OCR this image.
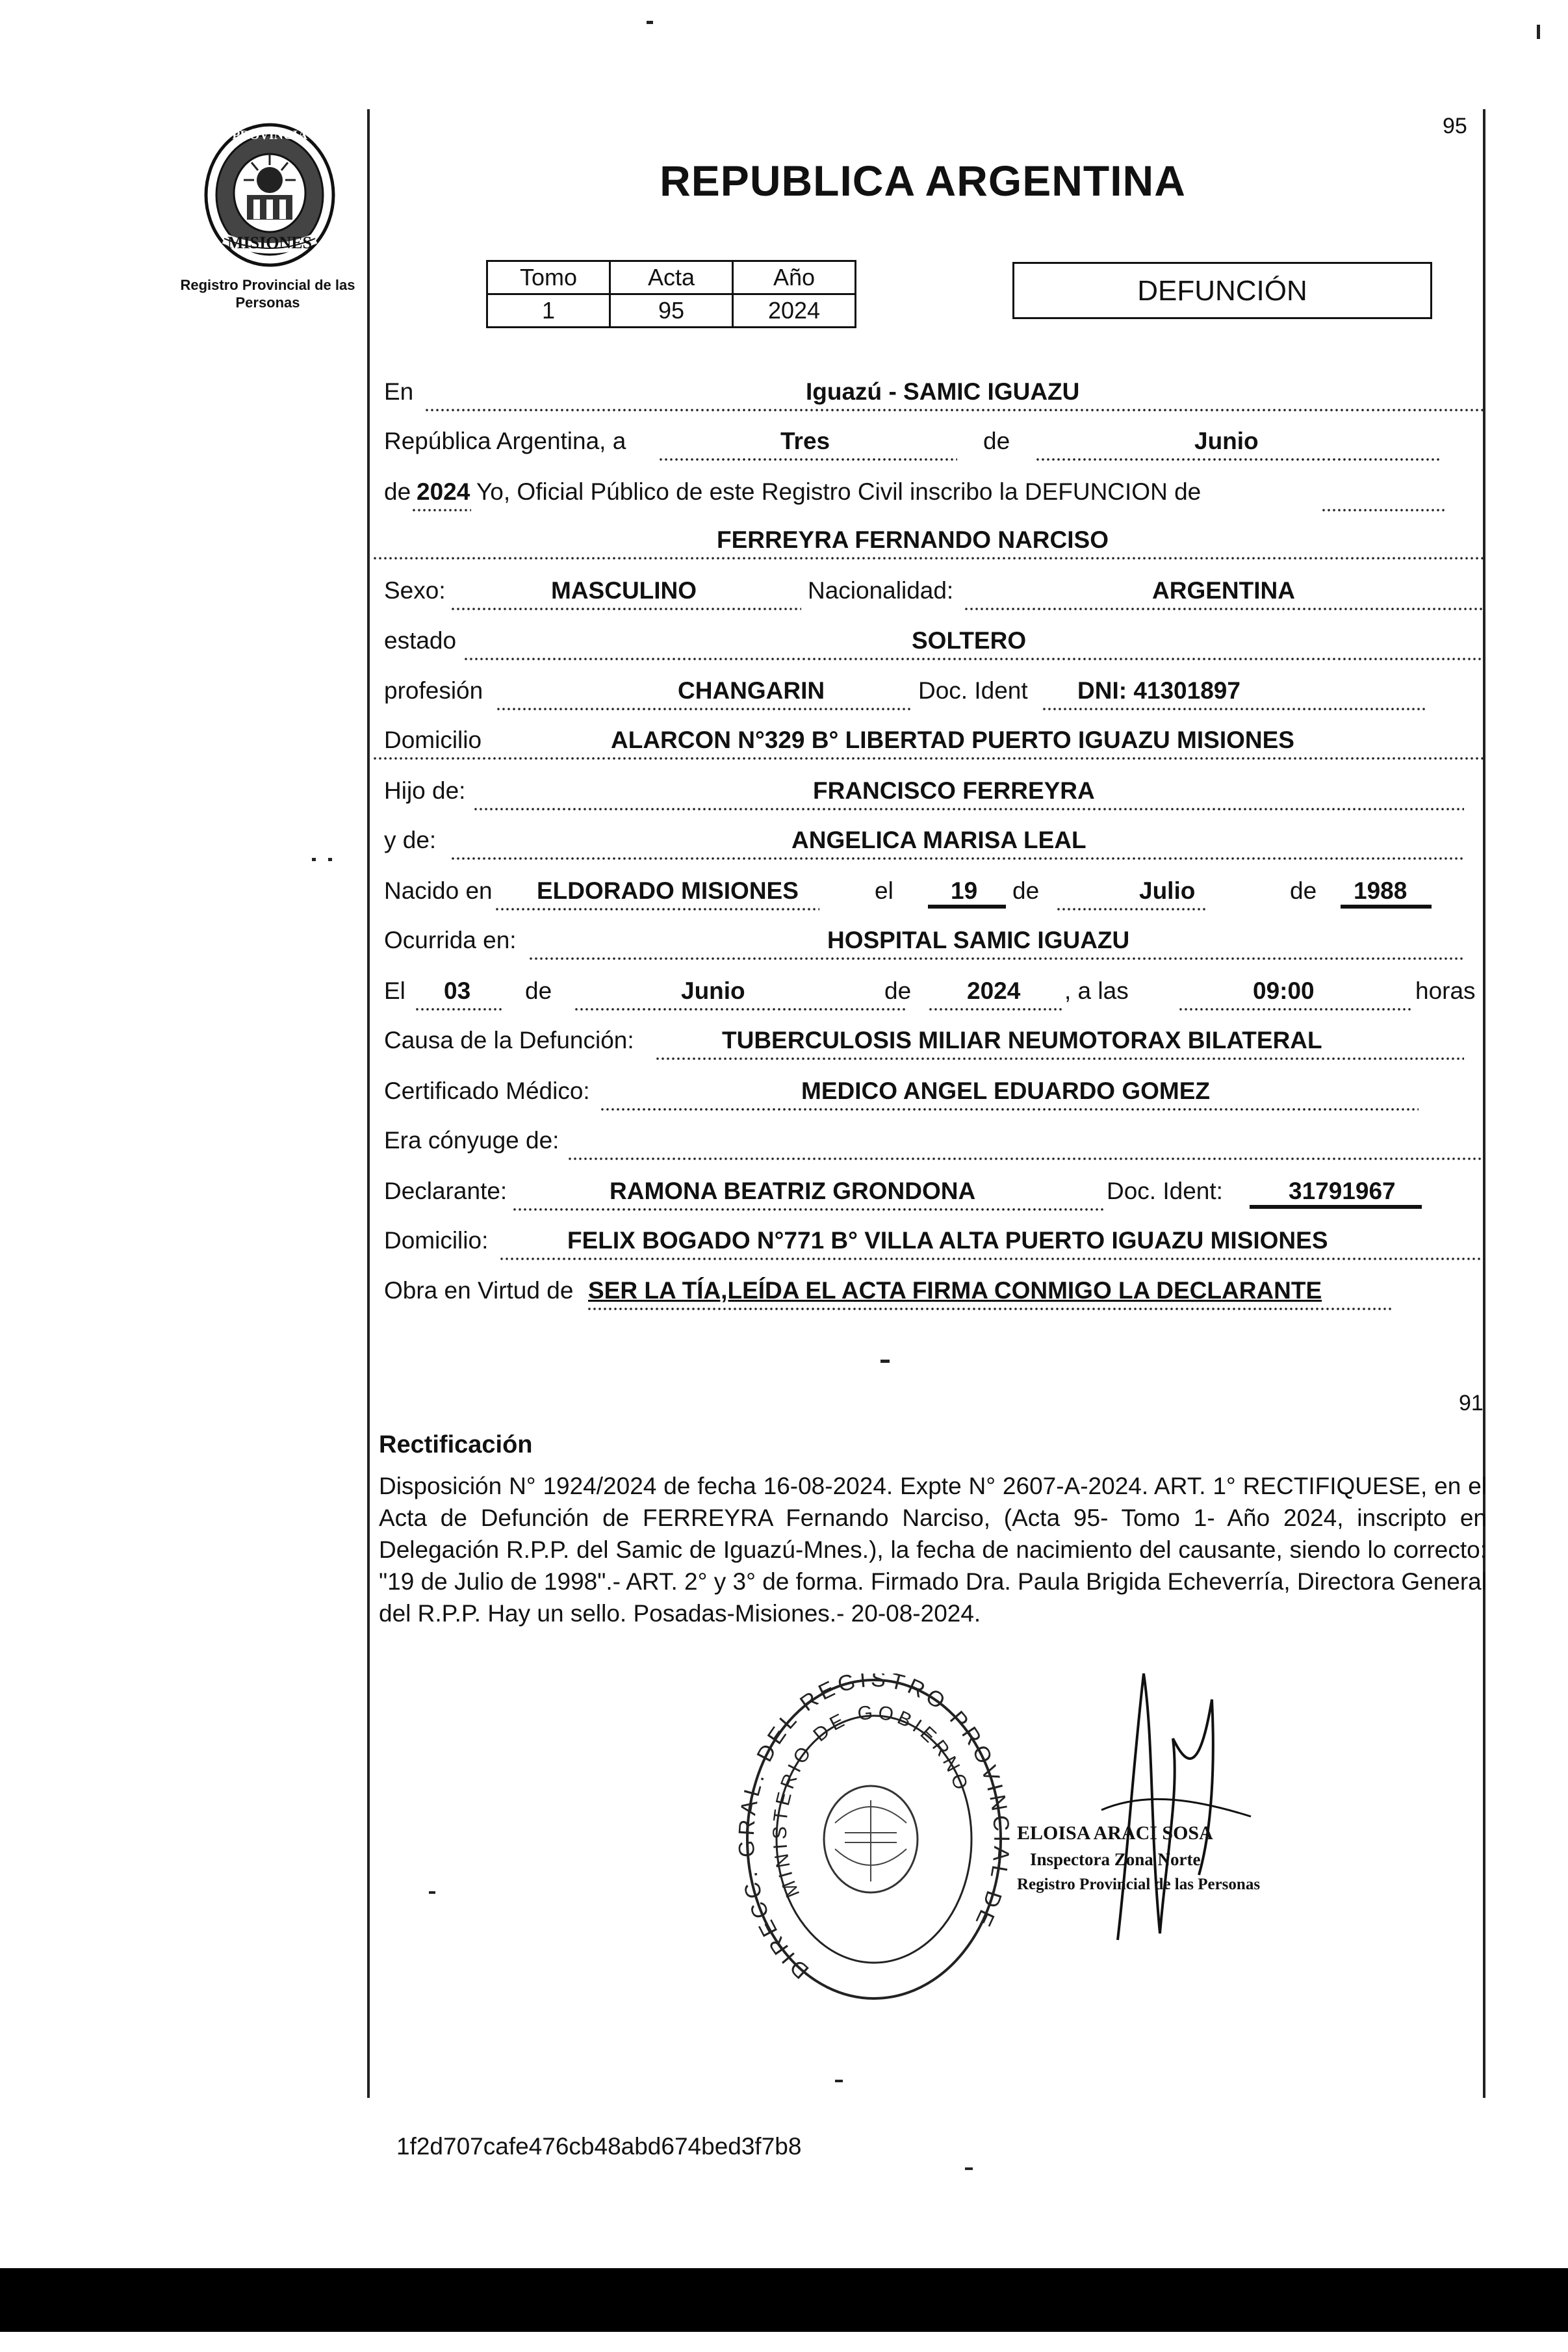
PROVINCIA
MISIONES
Registro Provincial de las Personas
95
REPUBLICA ARGENTINA
Tomo	Acta	Año
1	95	2024
DEFUNCIÓN
En	Iguazú - SAMIC IGUAZU
República Argentina, a	Tres	de	Junio
de 2024 Yo, Oficial Público de este Registro Civil inscribo la DEFUNCION de
FERREYRA FERNANDO NARCISO
Sexo:	MASCULINO	Nacionalidad:	ARGENTINA
estado	SOLTERO
profesión	CHANGARIN	Doc. Ident DNI: 41301897
Domicilio	ALARCON N°329 B° LIBERTAD PUERTO IGUAZU MISIONES
Hijo de:	FRANCISCO FERREYRA
y de:	ANGELICA MARISA LEAL
Nacido en ELDORADO MISIONES	el 19 de	Julio	de 1988
Ocurrida en:	HOSPITAL SAMIC IGUAZU
El 03 de	Junio	de 2024 , a las	09:00	horas
Causa de la Defunción:	TUBERCULOSIS MILIAR NEUMOTORAX BILATERAL
Certificado Médico:	MEDICO ANGEL EDUARDO GOMEZ
Era cónyuge de:
Declarante:	RAMONA BEATRIZ GRONDONA	Doc. Ident:	31791967
Domicilio:	FELIX BOGADO N°771 B° VILLA ALTA PUERTO IGUAZU MISIONES
Obra en Virtud de SER LA TÍA,LEÍDA EL ACTA FIRMA CONMIGO LA DECLARANTE
91
Rectificación
Disposición N° 1924/2024 de fecha 16-08-2024. Expte N° 2607-A-2024. ART. 1° RECTIFIQUESE, en el Acta de Defunción de FERREYRA Fernando Narciso, (Acta 95- Tomo 1- Año 2024, inscripto en Delegación R.P.P. del Samic de Iguazú-Mnes.), la fecha de nacimiento del causante, siendo lo correcto: "19 de Julio de 1998".- ART. 2° y 3° de forma. Firmado Dra. Paula Brigida Echeverría, Directora General del R.P.P. Hay un sello. Posadas-Misiones.- 20-08-2024.
DIRECC. AL. DEL REGISTRO PROVIN L DE
MINISTERIO DE GOBIERNO
ELOISA ARACI SOSA
Inspectora Zona Norte
Registro Provincial de las Personas
1f2d707cafe476cb48abd674bed3f7b8
